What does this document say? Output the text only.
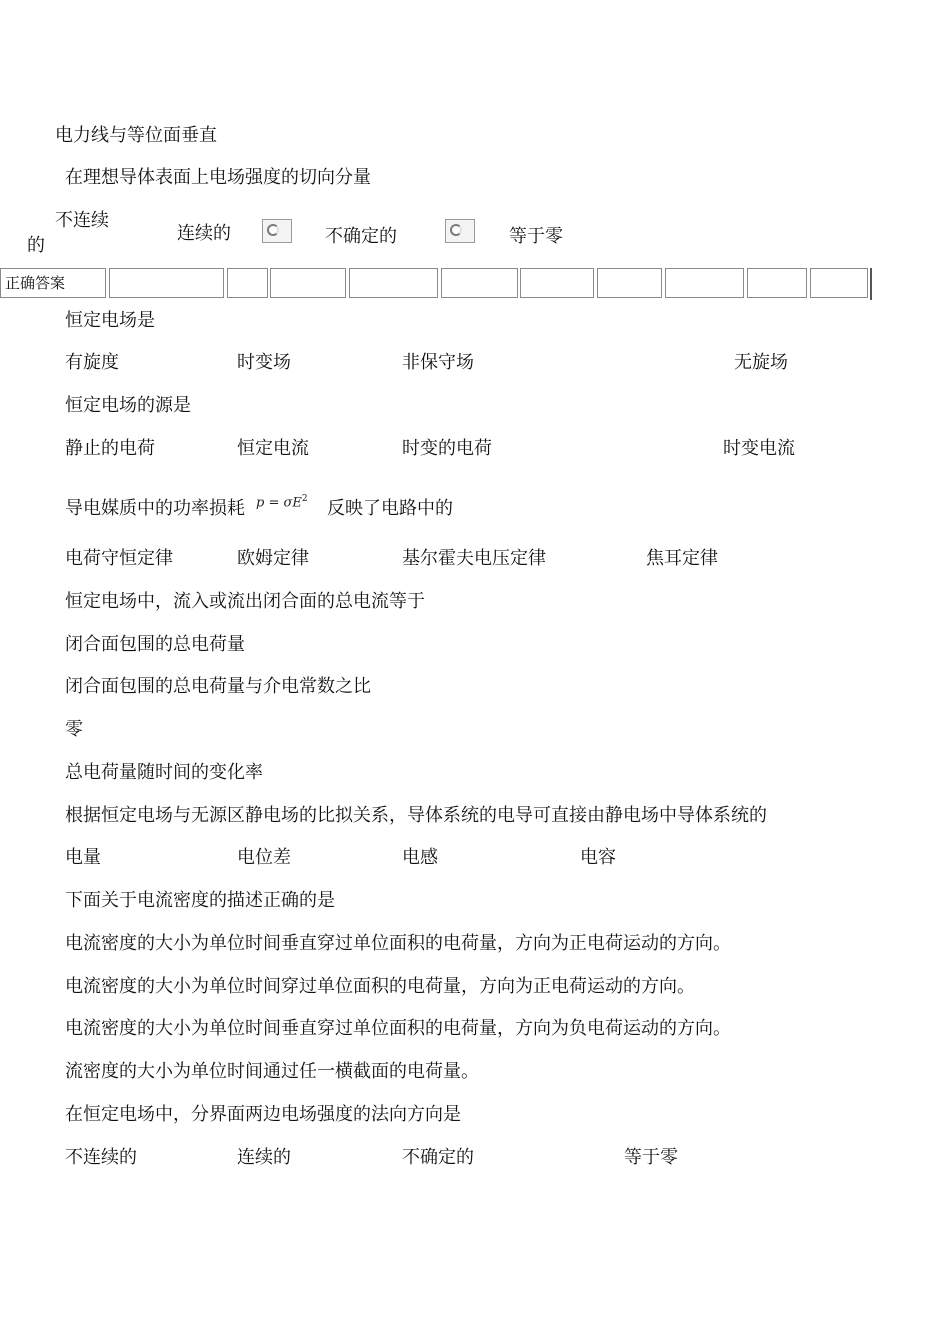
电力线与等位面垂直
在理想导体表面上电场强度的切向分量
不连续
的
连续的	不确定的	等于零
正确答案
恒定电场是
有旋度	时变场	非保守场	无旋场
恒定电场的源是
静止的电荷	恒定电流	时变的电荷	时变电流
导电媒质中的功率损耗 $p = \sigma E^2$ 反映了电路中的
电荷守恒定律	欧姆定律	基尔霍夫电压定律	焦耳定律
恒定电场中，流入或流出闭合面的总电流等于
闭合面包围的总电荷量
闭合面包围的总电荷量与介电常数之比
零
总电荷量随时间的变化率
根据恒定电场与无源区静电场的比拟关系，导体系统的电导可直接由静电场中导体系统的
电量	电位差	电感	电容
下面关于电流密度的描述正确的是
电流密度的大小为单位时间垂直穿过单位面积的电荷量，方向为正电荷运动的方向。
电流密度的大小为单位时间穿过单位面积的电荷量，方向为正电荷运动的方向。
电流密度的大小为单位时间垂直穿过单位面积的电荷量，方向为负电荷运动的方向。
流密度的大小为单位时间通过任一横截面的电荷量。
在恒定电场中，分界面两边电场强度的法向方向是
不连续的	连续的	不确定的	等于零
